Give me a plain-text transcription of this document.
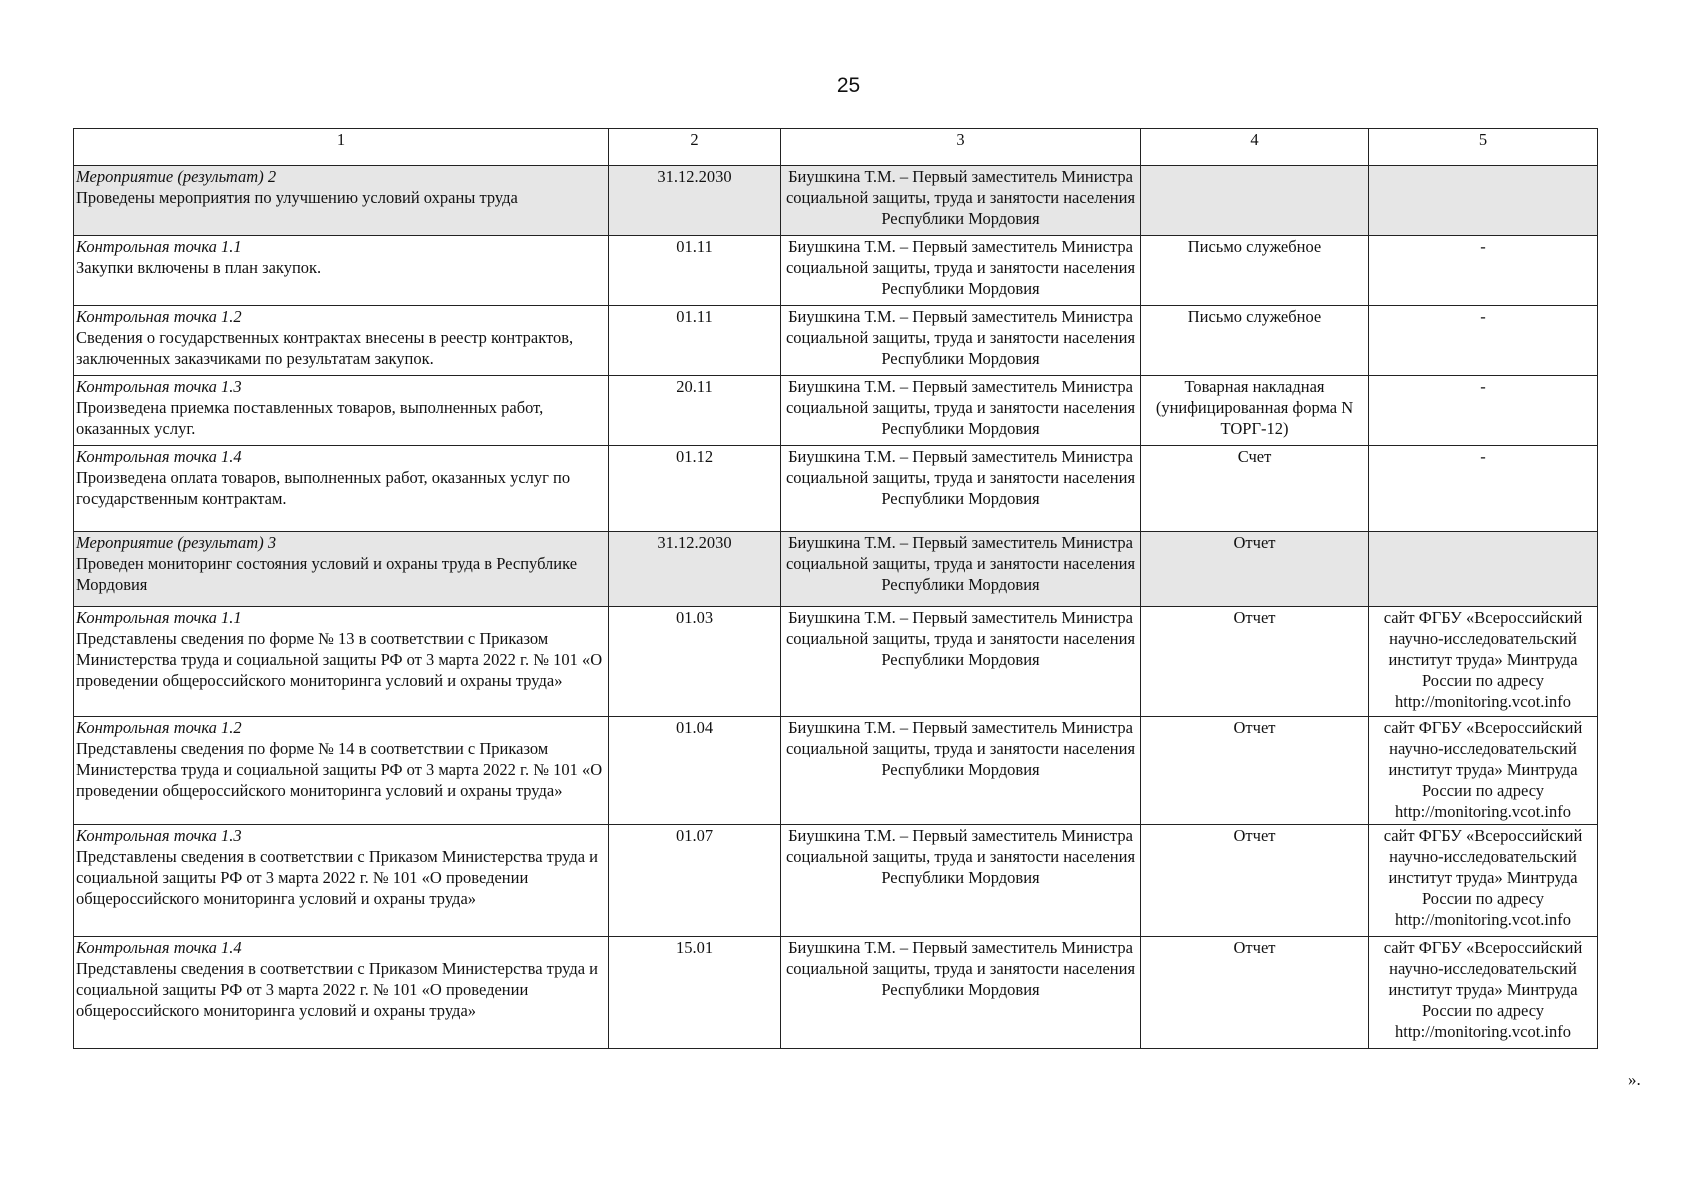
25
1	2	3	4	5

Мероприятие (результат) 2
Проведены мероприятия по улучшению условий охраны труда	31.12.2030	Биушкина Т.М. – Первый заместитель Министра социальной защиты, труда и занятости населения Республики Мордовия		

Контрольная точка 1.1
Закупки включены в план закупок.	01.11	Биушкина Т.М. – Первый заместитель Министра социальной защиты, труда и занятости населения Республики Мордовия	Письмо служебное	-

Контрольная точка 1.2
Сведения о государственных контрактах внесены в реестр контрактов, заключенных заказчиками по результатам закупок.	01.11	Биушкина Т.М. – Первый заместитель Министра социальной защиты, труда и занятости населения Республики Мордовия	Письмо служебное	-

Контрольная точка 1.3
Произведена приемка поставленных товаров, выполненных работ, оказанных услуг.	20.11	Биушкина Т.М. – Первый заместитель Министра социальной защиты, труда и занятости населения Республики Мордовия	Товарная накладная (унифицированная форма N ТОРГ-12)	-

Контрольная точка 1.4
Произведена оплата товаров, выполненных работ, оказанных услуг по государственным контрактам.	01.12	Биушкина Т.М. – Первый заместитель Министра социальной защиты, труда и занятости населения Республики Мордовия	Счет	-

Мероприятие (результат) 3
Проведен мониторинг состояния условий и охраны труда в Республике Мордовия	31.12.2030	Биушкина Т.М. – Первый заместитель Министра социальной защиты, труда и занятости населения Республики Мордовия	Отчет	

Контрольная точка 1.1
Представлены сведения по форме № 13 в соответствии с Приказом Министерства труда и социальной защиты РФ от 3 марта 2022 г. № 101 «О проведении общероссийского мониторинга условий и охраны труда»	01.03	Биушкина Т.М. – Первый заместитель Министра социальной защиты, труда и занятости населения Республики Мордовия	Отчет	сайт ФГБУ «Всероссийский научно-исследовательский институт труда» Минтруда России по адресу http://monitoring.vcot.info

Контрольная точка 1.2
Представлены сведения по форме № 14 в соответствии с Приказом Министерства труда и социальной защиты РФ от 3 марта 2022 г. № 101 «О проведении общероссийского мониторинга условий и охраны труда»	01.04	Биушкина Т.М. – Первый заместитель Министра социальной защиты, труда и занятости населения Республики Мордовия	Отчет	сайт ФГБУ «Всероссийский научно-исследовательский институт труда» Минтруда России по адресу http://monitoring.vcot.info

Контрольная точка 1.3
Представлены сведения в соответствии с Приказом Министерства труда и социальной защиты РФ от 3 марта 2022 г. № 101 «О проведении общероссийского мониторинга условий и охраны труда»	01.07	Биушкина Т.М. – Первый заместитель Министра социальной защиты, труда и занятости населения Республики Мордовия	Отчет	сайт ФГБУ «Всероссийский научно-исследовательский институт труда» Минтруда России по адресу http://monitoring.vcot.info

Контрольная точка 1.4
Представлены сведения в соответствии с Приказом Министерства труда и социальной защиты РФ от 3 марта 2022 г. № 101 «О проведении общероссийского мониторинга условий и охраны труда»	15.01	Биушкина Т.М. – Первый заместитель Министра социальной защиты, труда и занятости населения Республики Мордовия	Отчет	сайт ФГБУ «Всероссийский научно-исследовательский институт труда» Минтруда России по адресу http://monitoring.vcot.info
».
